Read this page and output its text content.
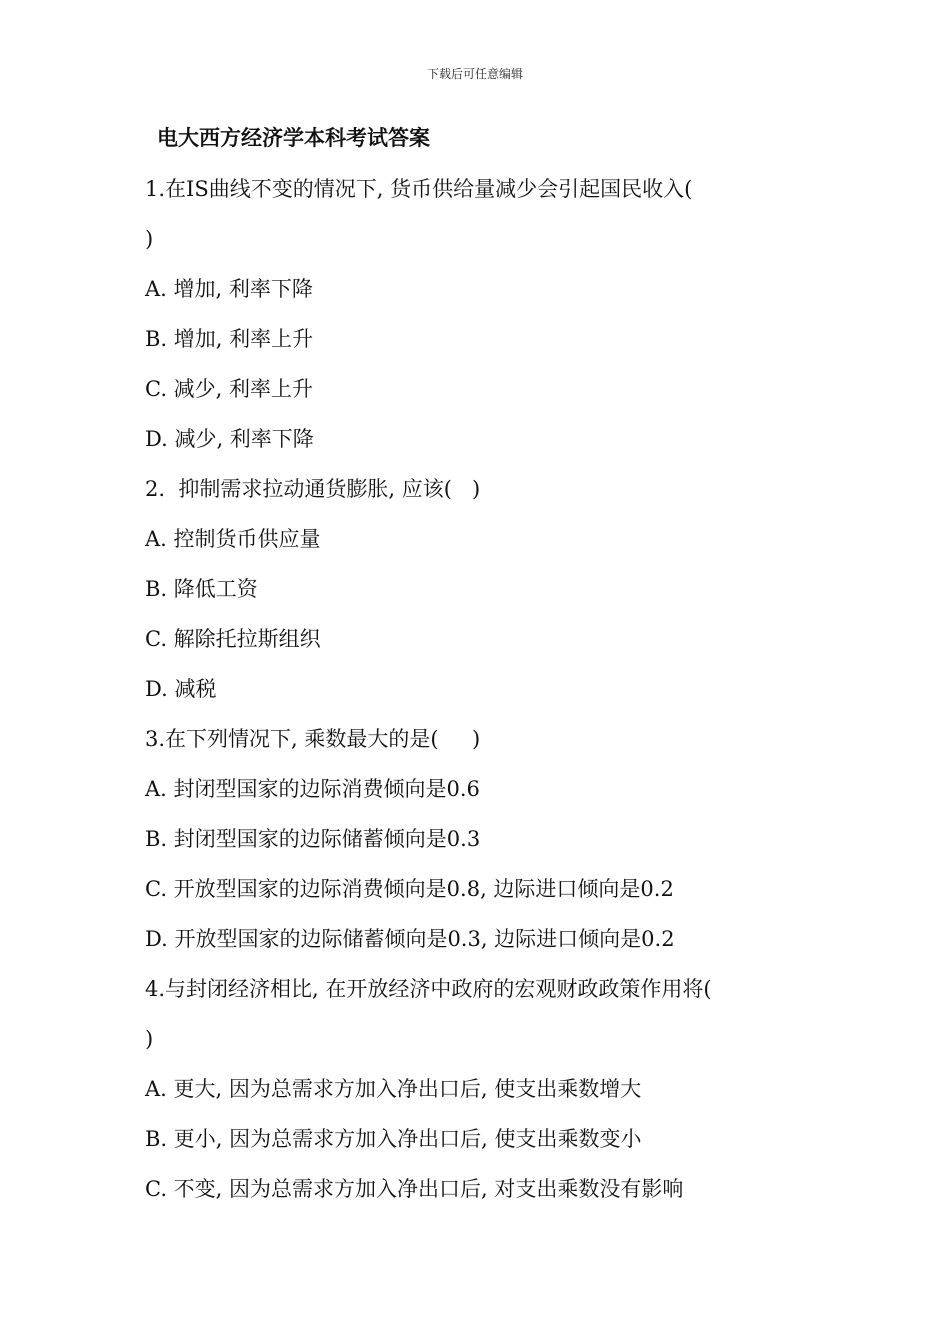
下载后可任意编辑
电大西方经济学本科考试答案
1.在IS曲线不变的情况下, 货币供给量减少会引起国民收入(
)
A. 增加, 利率下降
B. 增加, 利率上升
C. 减少, 利率上升
D. 减少, 利率下降
2.  抑制需求拉动通货膨胀, 应该(   )
A. 控制货币供应量
B. 降低工资
C. 解除托拉斯组织
D. 减税
3.在下列情况下, 乘数最大的是(     )
A. 封闭型国家的边际消费倾向是0.6
B. 封闭型国家的边际储蓄倾向是0.3
C. 开放型国家的边际消费倾向是0.8, 边际进口倾向是0.2
D. 开放型国家的边际储蓄倾向是0.3, 边际进口倾向是0.2
4.与封闭经济相比, 在开放经济中政府的宏观财政政策作用将(
)
A. 更大, 因为总需求方加入净出口后, 使支出乘数增大
B. 更小, 因为总需求方加入净出口后, 使支出乘数变小
C. 不变, 因为总需求方加入净出口后, 对支出乘数没有影响
